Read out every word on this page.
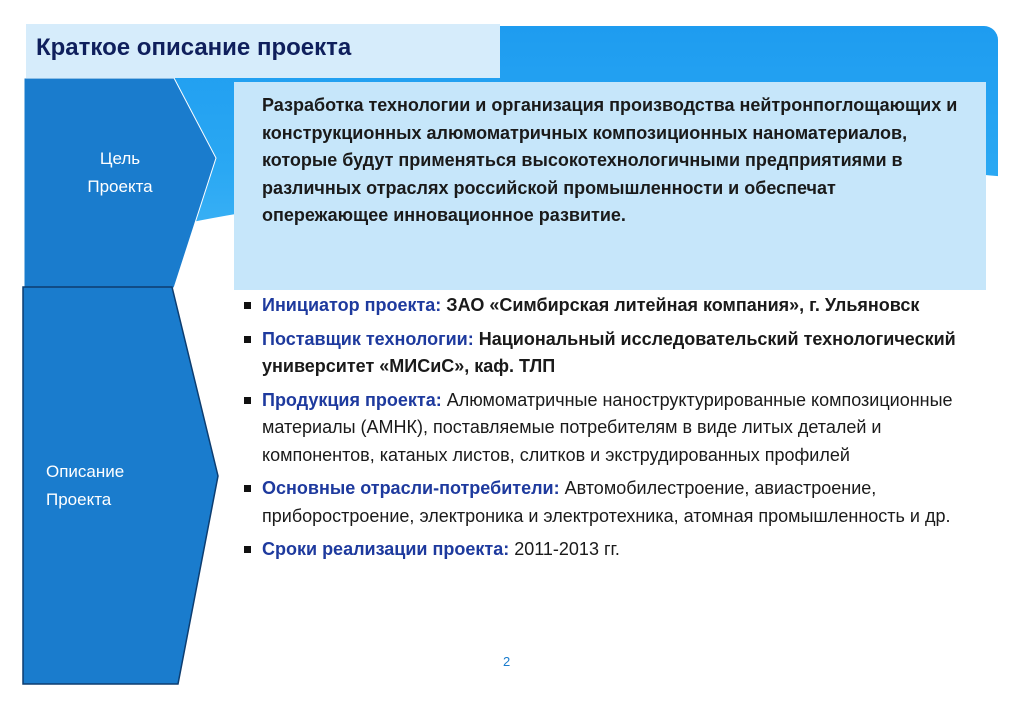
Краткое описание проекта
Цель
Проекта
Описание
Проекта
Разработка технологии и организация производства нейтронпоглощающих и конструкционных алюмоматричных композиционных наноматериалов, которые будут применяться высокотехнологичными предприятиями в различных отраслях российской промышленности и обеспечат опережающее инновационное развитие.
Инициатор проекта: ЗАО «Симбирская литейная компания», г. Ульяновск
Поставщик технологии: Национальный исследовательский технологический университет «МИСиС», каф. ТЛП
Продукция проекта: Алюмоматричные наноструктурированные композиционные материалы (АМНК), поставляемые потребителям в виде литых деталей и компонентов, катаных листов, слитков и экструдированных профилей
Основные отрасли-потребители: Автомобилестроение, авиастроение, приборостроение, электроника и электротехника, атомная промышленность и др.
Сроки реализации проекта: 2011-2013 гг.
2
